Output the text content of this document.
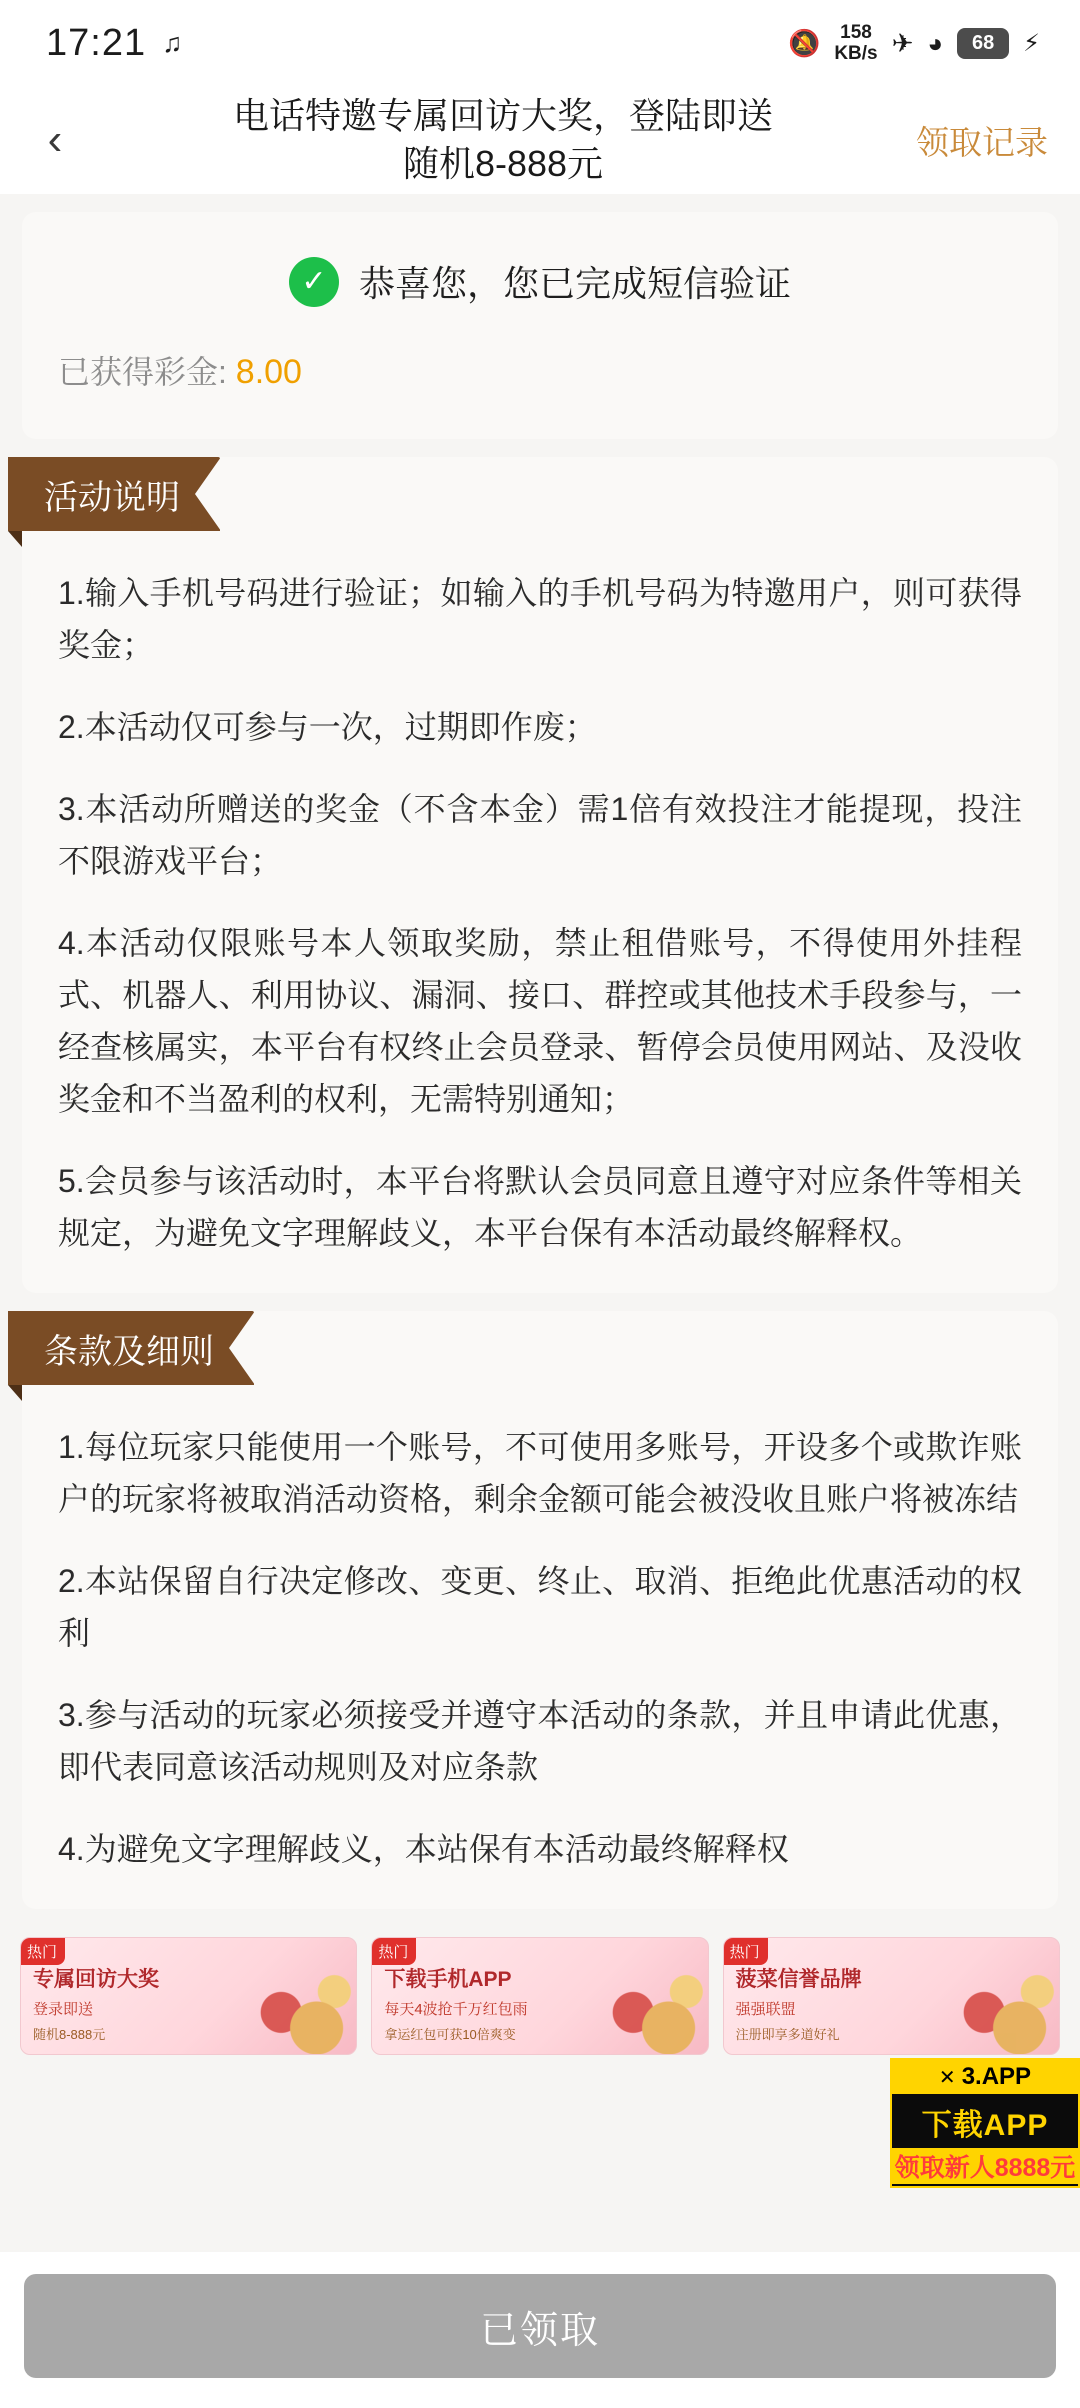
17:21 ♫	🔕	158
KB/s ✈ ◕	68	⚡
‹	电话特邀专属回访大奖，登陆即送 随机8-888元
领取记录
✓ 恭喜您，您已完成短信验证
已获得彩金: 8.00
活动说明

1.输入手机号码进行验证；如输入的手机号码为特邀用户，则可获得奖金；

2.本活动仅可参与一次，过期即作废；

3.本活动所赠送的奖金（不含本金）需1倍有效投注才能提现，投注不限游戏平台；

4.本活动仅限账号本人领取奖励，禁止租借账号，不得使用外挂程式、机器人、利用协议、漏洞、接口、群控或其他技术手段参与，一经查核属实，本平台有权终止会员登录、暂停会员使用网站、及没收奖金和不当盈利的权利，无需特别通知；

5.会员参与该活动时，本平台将默认会员同意且遵守对应条件等相关规定，为避免文字理解歧义，本平台保有本活动最终解释权。

条款及细则

1.每位玩家只能使用一个账号，不可使用多账号，开设多个或欺诈账户的玩家将被取消活动资格，剩余金额可能会被没收且账户将被冻结

2.本站保留自行决定修改、变更、终止、取消、拒绝此优惠活动的权利

3.参与活动的玩家必须接受并遵守本活动的条款，并且申请此优惠，即代表同意该活动规则及对应条款

4.为避免文字理解歧义，本站保有本活动最终解释权

热门
专属回访大奖
登录即送
随机8-888元
热门
下载手机APP
每天4波抢千万红包雨
拿运红包可获10倍爽变
热门
菠菜信誉品牌
强强联盟
注册即享多道好礼
✕ 3.APP
下载APP
领取新人8888元
已领取
